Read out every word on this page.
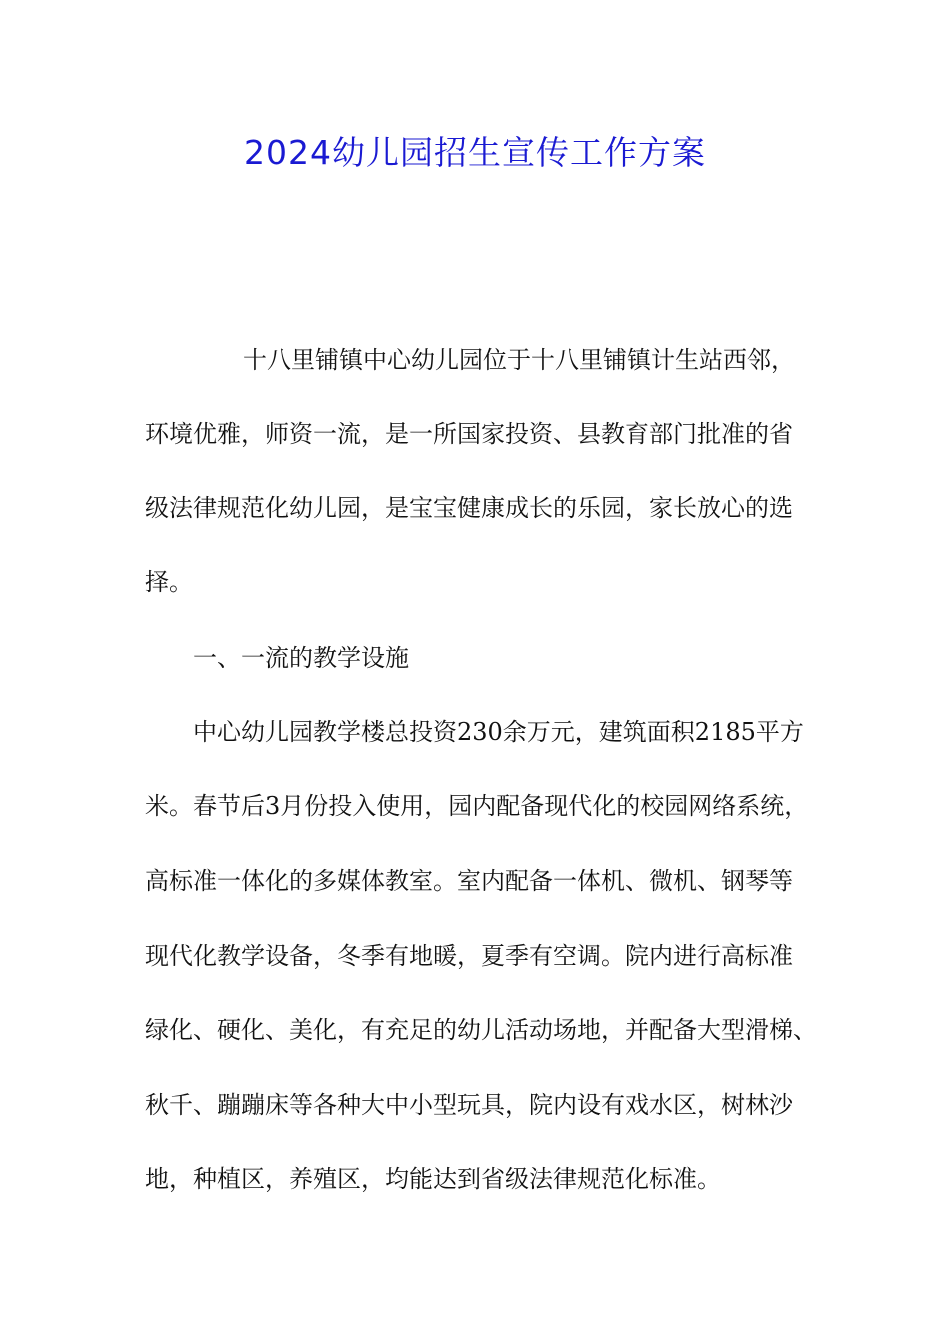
2024幼儿园招生宣传工作方案

十八里铺镇中心幼儿园位于十八里铺镇计生站西邻，

环境优雅，师资一流，是一所国家投资、县教育部门批准的省

级法律规范化幼儿园，是宝宝健康成长的乐园，家长放心的选

择。

一、一流的教学设施

中心幼儿园教学楼总投资230余万元，建筑面积2185平方

米。春节后3月份投入使用，园内配备现代化的校园网络系统，

高标准一体化的多媒体教室。室内配备一体机、微机、钢琴等

现代化教学设备，冬季有地暖，夏季有空调。院内进行高标准

绿化、硬化、美化，有充足的幼儿活动场地，并配备大型滑梯、

秋千、蹦蹦床等各种大中小型玩具，院内设有戏水区，树林沙

地，种植区，养殖区，均能达到省级法律规范化标准。
